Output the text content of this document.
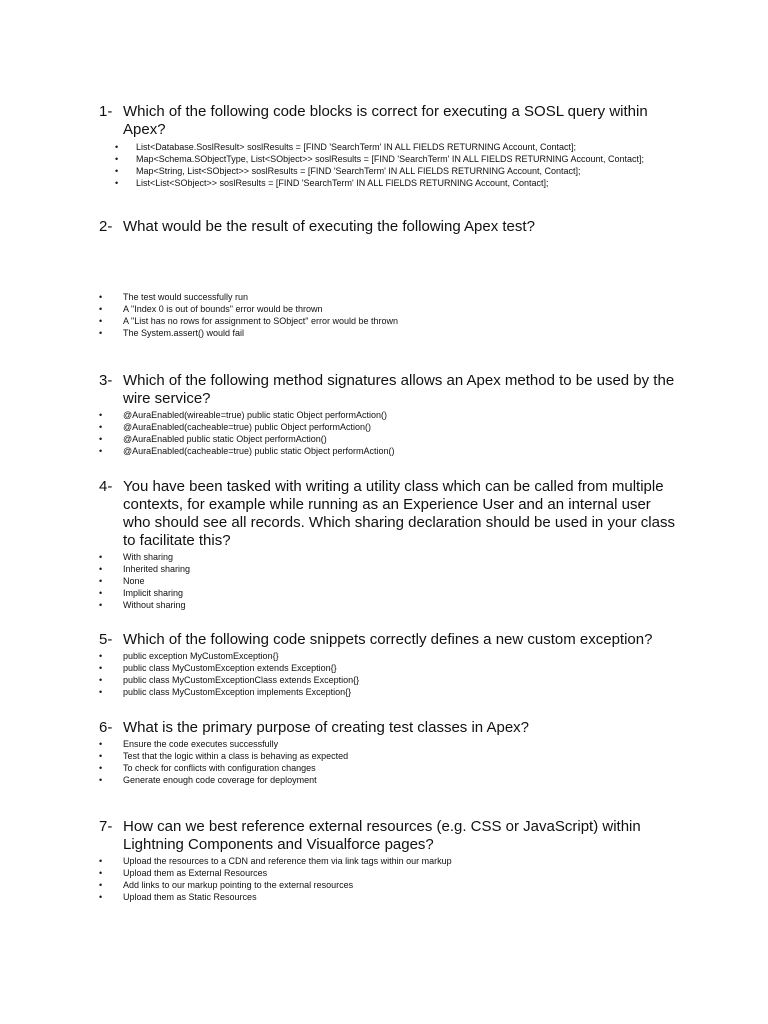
1- Which of the following code blocks is correct for executing a SOSL query within Apex?
• List<Database.SoslResult> soslResults = [FIND 'SearchTerm' IN ALL FIELDS RETURNING Account, Contact];
• Map<Schema.SObjectType, List<SObject>> soslResults = [FIND 'SearchTerm' IN ALL FIELDS RETURNING Account, Contact];
• Map<String, List<SObject>> soslResults = [FIND 'SearchTerm' IN ALL FIELDS RETURNING Account, Contact];
• List<List<SObject>> soslResults = [FIND 'SearchTerm' IN ALL FIELDS RETURNING Account, Contact];
2- What would be the result of executing the following Apex test?
• The test would successfully run
• A "Index 0 is out of bounds" error would be thrown
• A "List has no rows for assignment to SObject" error would be thrown
• The System.assert() would fail
3- Which of the following method signatures allows an Apex method to be used by the wire service?
• @AuraEnabled(wireable=true) public static Object performAction()
• @AuraEnabled(cacheable=true) public Object performAction()
• @AuraEnabled public static Object performAction()
• @AuraEnabled(cacheable=true) public static Object performAction()
4- You have been tasked with writing a utility class which can be called from multiple contexts, for example while running as an Experience User and an internal user who should see all records. Which sharing declaration should be used in your class to facilitate this?
• With sharing
• Inherited sharing
• None
• Implicit sharing
• Without sharing
5- Which of the following code snippets correctly defines a new custom exception?
• public exception MyCustomException{}
• public class MyCustomException extends Exception{}
• public class MyCustomExceptionClass extends Exception{}
• public class MyCustomException implements Exception{}
6- What is the primary purpose of creating test classes in Apex?
• Ensure the code executes successfully
• Test that the logic within a class is behaving as expected
• To check for conflicts with configuration changes
• Generate enough code coverage for deployment
7- How can we best reference external resources (e.g. CSS or JavaScript) within Lightning Components and Visualforce pages?
• Upload the resources to a CDN and reference them via link tags within our markup
• Upload them as External Resources
• Add links to our markup pointing to the external resources
• Upload them as Static Resources
